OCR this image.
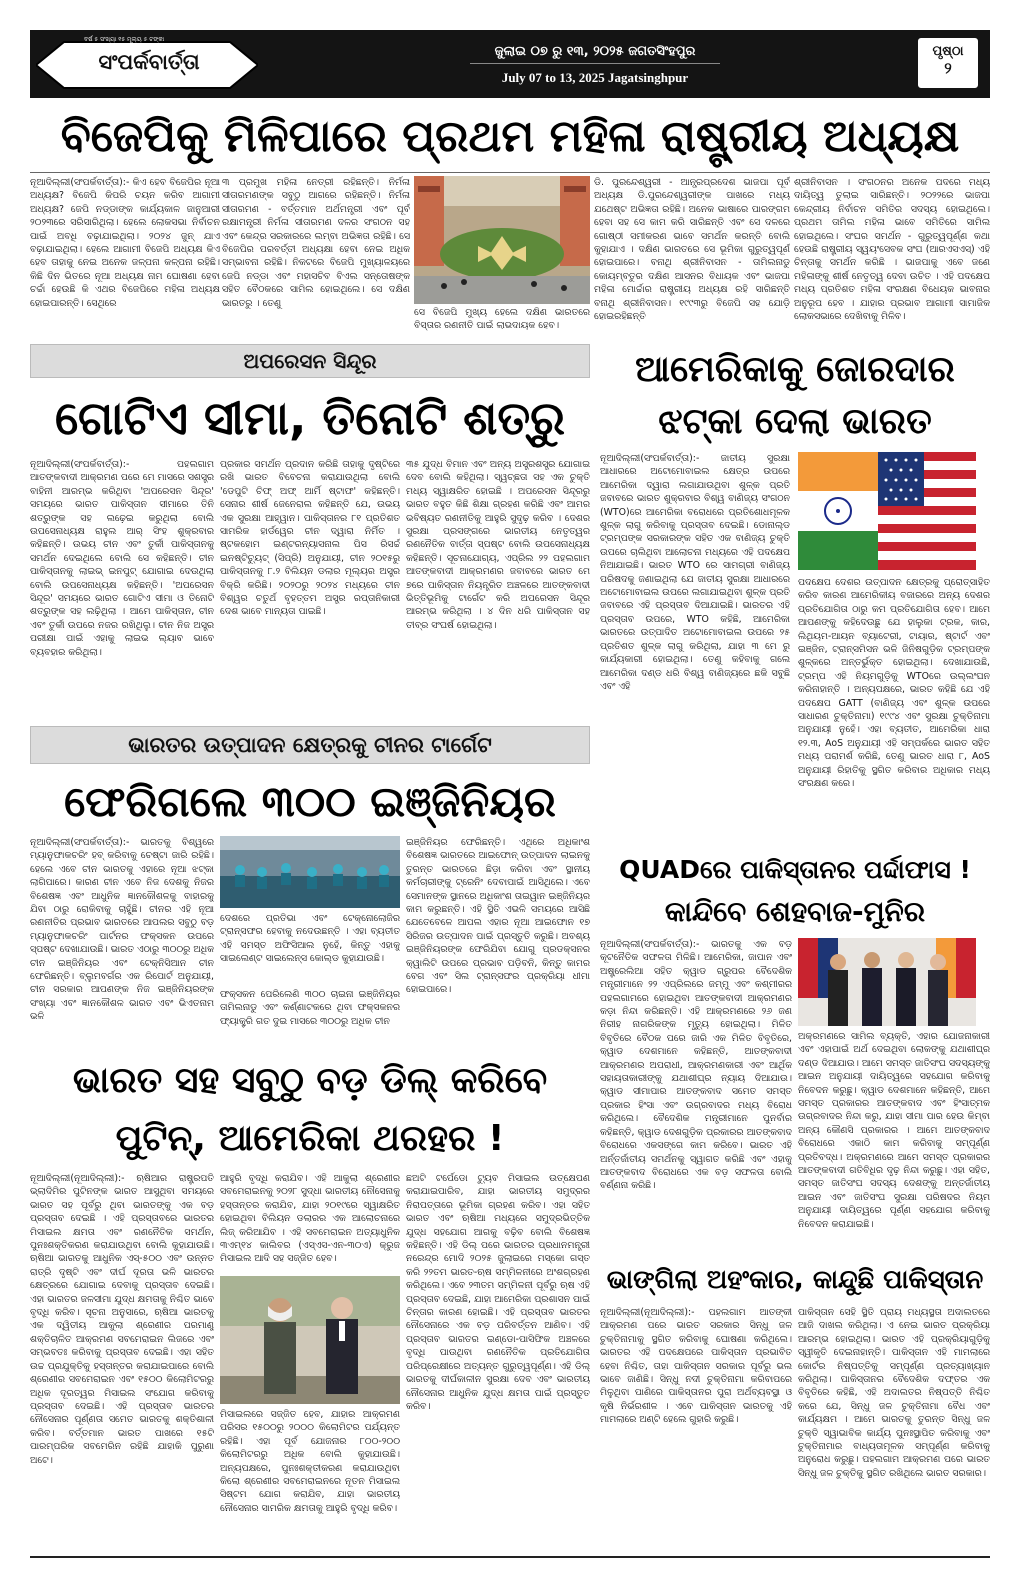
ବର୍ଷ ୫ ସଂଖ୍ୟା ୧୫ ମୂଲ୍ୟ ୫ ଟଙ୍କା
ସଂପର୍କବାର୍ତ୍ତା	ଜୁଲାଇ ୦୭ ରୁ ୧୩, ୨୦୨୫ ଜଗତସିଂହପୁର
July 07 to 13, 2025 Jagatsinghpur
ପୃଷ୍ଠା
୨
ବିଜେପିକୁ ମିଳିପାରେ ପ୍ରଥମ ମହିଳା ରାଷ୍ଟ୍ରୀୟ ଅଧ୍ୟକ୍ଷ
ନୂଆଦିଲ୍ଲୀ(ସଂପର୍କବାର୍ତ୍ତା):- କିଏ ହେବ ବିଜେପିର ନୂଆ ଅଧ୍ୟକ୍ଷ? ବିଜେପି କିପରି ଚୟନ କରିବ ଆଗାମୀ ଅଧ୍ୟକ୍ଷ? ଜେପି ନଡ୍ଡାଙ୍କ କାର୍ଯ୍ୟକାଳ ଜାନୁଆରୀ ୨୦୨୩ରେ ସରିସାରିଥିଲା। ହେଲେ ଲୋକସଭା ନିର୍ବାଚନ ପାଇଁ ଅବଧି ବଢ଼ାଯାଇଥିଲା। ୨୦୨୪ ଜୁନ୍ ଯାଏ ବଢ଼ାଯାଇଥିଲା। ହେଲେ ଆଗାମୀ ବିଜେପି ଅଧ୍ୟକ୍ଷ କିଏ ହେବ ତାହାକୁ ନେଇ ଅନେକ ଜଳ୍ପନା କଳ୍ପନା ରହିଛି। କିଛି ଦିନ ଭିତରେ ନୂଆ ଅଧ୍ୟକ୍ଷ ନାମ ଘୋଷଣା ହେବା ଚର୍ଚ୍ଚା ହେଉଛି କି ଏଥର ବିଜେପିରେ ମହିଳା ଅଧ୍ୟକ୍ଷ ହୋଇପାରନ୍ତି। ସେଥିରେ
୩ ପ୍ରମୁଖ ମହିଳା ନେତ୍ରୀ ରହିଛନ୍ତି। ନିର୍ମଳା ସୀତାରମଣଙ୍କ ସବୁଠୁ ଆଗରେ ରହିଛନ୍ତି। ନିର୍ମଳା ସୀତାରମଣ - ବର୍ତ୍ତମାନ ଅର୍ଥମନ୍ତ୍ରୀ ଏବଂ ପୂର୍ବ ରକ୍ଷାମନ୍ତ୍ରୀ ନିର୍ମଳା ସୀତାରମଣ ଦଳର ସଂଗଠନ ସହ ଏବଂ କେନ୍ଦ୍ର ସରକାରରେ ଲମ୍ବା ଅଭିଜ୍ଞତା ରହିଛି। ସେ ବିଜେପିର ପରବର୍ତ୍ତୀ ଅଧ୍ୟକ୍ଷା ହେବା ନେଇ ଅଧିକ ସମ୍ଭାବନା ରହିଛି। ନିକଟରେ ବିଜେପି ମୁଖ୍ୟାଳୟରେ ଜେପି ନଡ୍ଡା ଏବଂ ମହାସଚିବ ବିଏଲ ସନ୍ତୋଷଙ୍କ ସହିତ ବୈଠକରେ ସାମିଲ ହୋଇଥିଲେ। ସେ ଦକ୍ଷିଣ ଭାରତରୁ । ତେଣୁ
ସେ ବିଜେପି ମୁଖ୍ୟ ହେଲେ ଦକ୍ଷିଣ ଭାରତରେ ବିସ୍ତାର ରଣନୀତି ପାଇଁ ଲାଭଦାୟକ ହେବ।
ଡି. ପୁରନ୍ଦେଶ୍ୱରୀ - ଆନ୍ଧ୍ରପ୍ରଦେଶ ଭାଜପା ପୂର୍ବ ଅଧ୍ୟକ୍ଷ ଡି.ପୁରନ୍ଦେଶ୍ୱରୀଙ୍କ ପାଖରେ ମଧ୍ୟ ଯଥେଷ୍ଟ ଅଭିଜ୍ଞତା ରହିଛି। ଅନେକ ଭାଷାରେ ପାରଙ୍ଗମ ହେବା ସହ ସେ କାମ କରି ସାରିଛନ୍ତି ଏବଂ ସେ ଦଳରେ ଗୋଷ୍ଠୀ ସମୀକରଣ ଭାବେ ସମର୍ଥନ କରନ୍ତି ବୋଲି କୁହାଯାଏ । ଦକ୍ଷିଣ ଭାରତରେ ସେ ଭୂମିକା ଗୁରୁତ୍ୱପୂର୍ଣ ହୋଇପାରେ। ବନାଥି ଶ୍ରୀନିବାସନ - ତାମିଲନାଡୁ କୋୟମ୍ବତୁର ଦକ୍ଷିଣ ଆସନର ବିଧାୟକ ଏବଂ ଭାଜପା ମହିଳା ମୋର୍ଚ୍ଚାର ରାଷ୍ଟ୍ରୀୟ ଅଧ୍ୟକ୍ଷ ରହି ସାରିଛନ୍ତି ବନାଥି ଶ୍ରୀନିବାସନ। ୧୯୯୩ରୁ ବିଜେପି ସହ ଯୋଡ଼ି ହୋଇରହିଛନ୍ତି
ଶ୍ରୀନିବାସନ । ସଂଗଠନର ଅନେକ ପଦରେ ମଧ୍ୟ ଦାୟିତ୍ୱ ତୁଲାଇ ସାରିଛନ୍ତି। ୨୦୨୨ରେ ଭାଜପା କେନ୍ଦ୍ରୀୟ ନିର୍ବାଚନ ସମିତିର ସଦସ୍ୟ ହୋଇଥିଲେ। ପ୍ରଥମ ତାମିଲ ମହିଳା ଭାବେ ସମିତିରେ ସାମିଲ ହୋଇଥିଲେ। ସଂଘର ସମର୍ଥନ - ଗୁରୁତ୍ୱପୂର୍ଣ୍ଣ କଥା ହେଉଛି ରାଷ୍ଟ୍ରୀୟ ସ୍ୱୟଂସେବକ ସଂଘ (ଆରଏସଏସ୍) ଏହି ଚିନ୍ତାକୁ ସମର୍ଥନ କରିଛି । ଭାଜପାକୁ ଏବେ ଜଣେ ମହିଳାଙ୍କୁ ଶୀର୍ଷ ନେତୃତ୍ୱ ଦେବା ଉଚିତ । ଏହି ପଦକ୍ଷେପ ମଧ୍ୟ ପ୍ରତିଶତ ମହିଳା ସଂରକ୍ଷଣ ବିଧେୟକ ଭାବନାର ଅନୁରୂପ ହେବ । ଯାହାର ପ୍ରଭାବ ଆଗାମୀ ସାମାଜିକ ଲୋକସଭାରେ ଦେଖିବାକୁ ମିଳିବ।
ଅପରେସନ ସିନ୍ଦୂର
ଗୋଟିଏ ସୀମା, ତିନୋଟି ଶତ୍ରୁ
ନୂଆଦିଲ୍ଲୀ(ସଂପର୍କବାର୍ତ୍ତା):- ପହଲଗାମ ଆତଙ୍କବାଦୀ ଆକ୍ରମଣ ପରେ ମେ ମାସରେ ସଶସ୍ତ୍ର ବାହିନୀ ଆରମ୍ଭ କରିଥିବା 'ଅପରେସନ ସିନ୍ଦୂର' ସମୟରେ ଭାରତ ପାକିସ୍ତାନ ସୀମାରେ ତିନି ଶତ୍ରୁଙ୍କ ସହ ଲଢ଼େଇ କରୁଥିଲା ବୋଲି ଉପସେନାଧ୍ୟକ୍ଷ ରାହୁଲ ଆର୍ ସିଂହ ଶୁକ୍ରବାର କହିଛନ୍ତି। ଉଭୟ ଚୀନ ଏବଂ ତୁର୍କୀ ପାକିସ୍ତାନକୁ ସମର୍ଥନ ଦେଇଥିଲେ ବୋଲି ସେ କହିଛନ୍ତି। ଚୀନ ପାକିସ୍ତାନକୁ ଲାଇଭ୍ ଇନପୁଟ୍ ଯୋଗାଇ ଦେଉଥିଲା ବୋଲି ଉପସେନାଧ୍ୟକ୍ଷ କହିଛନ୍ତି। 'ଅପରେସନ ସିନ୍ଦୂର' ସମୟରେ ଭାରତ ଗୋଟିଏ ସୀମା ଓ ତିନୋଟି ଶତ୍ରୁଙ୍କ ସହ ଲଢ଼ିଥିଲା । ଆମେ ପାକିସ୍ତାନ, ଚୀନ ଏବଂ ତୁର୍କୀ ଉପରେ ନଜର ରଖିଥିଲୁ। ଚୀନ ନିଜ ଅସ୍ତ୍ର ପରୀକ୍ଷା ପାଇଁ ଏହାକୁ ଲାଇଭ ଲ୍ୟାବ ଭାବେ ବ୍ୟବହାର କରିଥିଲା।
ପ୍ରକାର ସମର୍ଥନ ପ୍ରଦାନ କରିଛି ତାହାକୁ ଦୃଷ୍ଟିରେ ରଖି ଭାରତ ବିବେଚନା କରାଯାଉଥିଲା ବୋଲି 'ଡେପୁଟି ଚିଫ୍ ଅଫ୍ ଆର୍ମି ଷ୍ଟାଫ' କହିଛନ୍ତି। ସେନାର ଶୀର୍ଷ ଜେନେରାଲ କହିଛନ୍ତି ଯେ, ଉଭୟ ଏକ ସୁରକ୍ଷା ଆହ୍ୱାନ। ପାକିସ୍ତାନର ୮୧ ପ୍ରତିଶତ ସାମରିକ ହାର୍ଡୱେର ଚୀନ ଦ୍ୱାରା ନିର୍ମିତ । ଷ୍ଟକହୋମ ଇଣ୍ଟରନ୍ୟାସନାଲ ପିସ ରିସର୍ଚ୍ଚ ଇନଷ୍ଟିଚ୍ୟୁଟ୍ (ସିପ୍ରି) ଅନୁଯାୟୀ, ଚୀନ ୨୦୧୫ରୁ ପାକିସ୍ତାନକୁ ୮.୨ ବିଲିୟନ ଡଲାର ମୂଲ୍ୟର ଅସ୍ତ୍ର ବିକ୍ରି କରିଛି। ୨୦୨୦ରୁ ୨୦୨୪ ମଧ୍ୟରେ ଚୀନ ବିଶ୍ୱର ଚତୁର୍ଥ ବୃହତ୍ତମ ଅସ୍ତ୍ର ରପ୍ତାନିକାରୀ ଦେଶ ଭାବେ ମାନ୍ୟତା ପାଇଛି।
୩୫ ଯୁଦ୍ଧ ବିମାନ ଏବଂ ଅନ୍ୟ ଅସ୍ତ୍ରଶସ୍ତ୍ର ଯୋଗାଇ ଦେବ ବୋଲି କହିଥିଲା। ସ୍ୱଚ୍ଛତା ସହ ଏକ ଚୁକ୍ତି ମଧ୍ୟ ସ୍ୱାକ୍ଷରିତ ହୋଇଛି । ଅପରେସନ ସିନ୍ଦୂରରୁ ଭାରତ ବହୁତ କିଛି ଶିକ୍ଷା ଗ୍ରହଣ କରିଛି ଏବଂ ଆମର ଭବିଷ୍ୟତ ରଣନୀତିକୁ ଆହୁରି ସୁଦୃଢ଼ କରିବ । ଦେଶର ସୁରକ୍ଷା ପ୍ରସଙ୍ଗରେ ଭାରତୀୟ ନେତୃତ୍ୱର ରଣନୈତିକ ବାର୍ତ୍ତା ସ୍ପଷ୍ଟ ବୋଲି ଉପସେନାଧ୍ୟକ୍ଷ କହିଛନ୍ତି। ସୂଚନାଯୋଗ୍ୟ, ଏପ୍ରିଲ ୨୨ ପହଲଗାମ ଆତଙ୍କବାଦୀ ଆକ୍ରମଣର ଜବାବରେ ଭାରତ ମେ ୭ରେ ପାକିସ୍ତାନ ନିୟନ୍ତ୍ରିତ ଅଞ୍ଚଳରେ ଆତଙ୍କବାଦୀ ଭିତ୍ତିଭୂମିକୁ ଟାର୍ଗେଟ କରି ଅପରେସନ ସିନ୍ଦୂର ଆରମ୍ଭ କରିଥିଲା । ୪ ଦିନ ଧରି ପାକିସ୍ତାନ ସହ ତୀବ୍ର ସଂଘର୍ଷ ହୋଇଥିଲା।
ଆମେରିକାକୁ ଜୋରଦାର
ଝଟ୍‌କା ଦେଲା ଭାରତ
ନୂଆଦିଲ୍ଲୀ(ସଂପର୍କବାର୍ତ୍ତା):- ଜାତୀୟ ସୁରକ୍ଷା ଆଧାରରେ ଅଟୋମୋବାଇଲ କ୍ଷେତ୍ର ଉପରେ ଆମେରିକା ଦ୍ୱାରା ଲଗାଯାଉଥିବା ଶୁଳ୍କ ପ୍ରତି ଜବାବରେ ଭାରତ ଶୁକ୍ରବାର ବିଶ୍ୱ ବାଣିଜ୍ୟ ସଂଗଠନ (WTO)ରେ ଆମେରିକା ବରୋଧରେ ପ୍ରତିଶୋଧମୂଳକ ଶୁଳ୍କ ଲାଗୁ କରିବାକୁ ପ୍ରସ୍ତାବ ଦେଇଛି। ଡୋନାଲ୍ଡ ଟ୍ରମ୍ପଙ୍କ ସରକାରଙ୍କ ସହିତ ଏକ ବାଣିଜ୍ୟ ଚୁକ୍ତି ଉପରେ ଚାଲିଥିବା ଆଲୋଚନା ମଧ୍ୟରେ ଏହି ପଦକ୍ଷେପ ନିଆଯାଇଛି। ଭାରତ WTO ରେ ସାମଗ୍ରୀ ବାଣିଜ୍ୟ ପରିଷଦକୁ ଜଣାଇଥିଲା ଯେ ଜାତୀୟ ସୁରକ୍ଷା ଆଧାରରେ ଅଟୋମୋବାଇଲ ଉପରେ ଲଗାଯାଇଥିବା ଶୁଳ୍କ ପ୍ରତି ଜବାବରେ ଏହି ପ୍ରସ୍ତାବ ଦିଆଯାଇଛି। ଭାରତର ଏହି ପ୍ରସ୍ତାବ ଉପରେ, WTO କହିଛି, ଆମେରିକା ଭାରତରେ ଉତ୍ପାଦିତ ଅଟୋମୋବାଇଲ ଉପରେ ୨୫ ପ୍ରତିଶତ ଶୁଳ୍କ ଲାଗୁ କରିଥିଲା, ଯାହା ୩ ମେ ରୁ କାର୍ଯ୍ୟକାରୀ ହୋଇଥିଲା। ତେଣୁ କହିବାକୁ ଗଲେ ଆମେରିକା ଦଣ୍ଡ ଧରି ବିଶ୍ୱ ବାଣିଜ୍ୟରେ ଛକି ସବୁଛି ଏବଂ ଏହି
ପଦକ୍ଷେପ ଦେଶର ଉତ୍ପାଦନ କ୍ଷେତ୍ରକୁ ପ୍ରୋତ୍ସାହିତ କରିବ କାରଣ ଆମେରିକୀୟ ବଜାରରେ ଅନ୍ୟ ଦେଶର ପ୍ରତିଯୋଗିତା ଠାରୁ କମ ପ୍ରତିଯୋଗିତା ହେବ। ଆମେ ଆପଣଙ୍କୁ କହିଦେଉଛୁ ଯେ ହାଲୁକା ଟ୍ରକ, କାର, ଲିଥିୟମ-ଆୟନ ବ୍ୟାଟେରୀ, ଟାୟାର, ଷ୍ଟାର୍ଟ ଏବଂ ଇଞ୍ଜିନ, ଟ୍ରାନ୍ସମିସନ ଭଳି ଜିନିଷଗୁଡ଼ିକ ଟ୍ରମ୍ପଙ୍କ ଶୁଳ୍କରେ ଅନ୍ତର୍ଭୁକ୍ତ ହୋଇଥିଲା। ଦେଖାଯାଉଛି, ଟ୍ରମ୍ପ ଏହି ନିୟମଗୁଡ଼ିକୁ WTOରେ ଉଲ୍ଲଂଘନ କରିନାହାନ୍ତି । ଅନ୍ୟପକ୍ଷରେ, ଭାରତ କହିଛି ଯେ ଏହି ପଦକ୍ଷେପ GATT (ବାଣିଜ୍ୟ ଏବଂ ଶୁଳ୍କ ଉପରେ ସାଧାରଣ ଚୁକ୍ତିନାମା) ୧୯୯୪ ଏବଂ ସୁରକ୍ଷା ଚୁକ୍ତିନାମା ଅନୁଯାୟୀ ନୁହେଁ। ଏହା ବ୍ୟତୀତ, ଆମେରିକା ଧାରା ୧୨.୩, AoS ଅନୁଯାୟୀ ଏହି ସମ୍ପର୍କରେ ଭାରତ ସହିତ ମଧ୍ୟ ପରାମର୍ଶ କରିଛି, ତେଣୁ ଭାରତ ଧାରା ୮, AoS ଅନୁଯାୟୀ ରିହାତିକୁ ସ୍ଥଗିତ କରିବାର ଅଧିକାର ମଧ୍ୟ ସଂରକ୍ଷଣ କରେ।
ଭାରତର ଉତ୍ପାଦନ କ୍ଷେତ୍ରକୁ ଚୀନର ଟାର୍ଗେଟ
ଫେରିଗଲେ ୩୦୦ ଇଞ୍ଜିନିୟର
ନୂଆଦିଲ୍ଲୀ(ସଂପର୍କବାର୍ତ୍ତା):- ଭାରତକୁ ବିଶ୍ୱରେ ମ୍ୟାନୁଫାକଚରିଂ ହବ୍ କରିବାକୁ ଚେଷ୍ଟା ଜାରି ରହିଛି। ହେଲେ ଏବେ ଚୀନ ଭାରତକୁ ଏହାରେ ନୂଆ ଝଟ୍‌କା ଲାଗିପାରେ। କାରଣ ଚୀନ ଏବେ ନିଜ ଦେଶକୁ ନିଜର ବିଶେଷଜ୍ଞ ଏବଂ ଆଧୁନିକ ଜ୍ଞାନକୌଶଳକୁ ବାହାରକୁ ଯିବା ଠାରୁ ରୋକିବାକୁ ଚାହୁଁଛି। ଚୀନର ଏହି ନୂଆ ରଣନୀତିର ପ୍ରଭାବ ଭାରତରେ ଆପଲର ସବୁଠୁ ବଡ଼ ମ୍ୟାନୁଫାକଚରିଂ ପାର୍ଟନର ଫକ୍ସକନ ଉପରେ ସ୍ପଷ୍ଟ ଦେଖାଯାଉଛି। ଭାରତ ଏଠାରୁ ୩୦୦ରୁ ଅଧିକ ଚୀନ ଇଞ୍ଜିନିୟର ଏବଂ ଟେକ୍ନିସିଆନ ଚୀନ ଫେରିଛନ୍ତି। ବ୍ଲୁମବର୍ଗର ଏକ ରିପୋର୍ଟ ଅନୁଯାୟୀ, ଚୀନ ସରକାର ଆପଣଙ୍କ ନିଜ ଇଞ୍ଜିନିୟରଙ୍କ ସଂଖ୍ୟା ଏବଂ ଜ୍ଞାନକୌଶଳ ଭାରତ ଏବଂ ଭିଏତନାମ ଭଳି
ଦେଶରେ ପ୍ରତିଭା ଏବଂ ଟେକ୍ନୋଲୋଜିର ଟ୍ରାନ୍ସଫର ହେବାକୁ ନଦେଉଛନ୍ତି । ଏହା ବ୍ୟତୀତ ଏହି ସମସ୍ତ ଅଫିସିଆଲ ନୁହେଁ, କିନ୍ତୁ ଏହାକୁ ସାଇଲେଣ୍ଟ ସାଇଲେନ୍ସ କୋଲ୍ଡ କୁହାଯାଉଛି।
ଫକ୍ସକନ ପେରିଲେଣି ୩୦୦ ଚାଇନା ଇଞ୍ଜିନିୟର ତାମିଲନାଡୁ ଏବଂ କର୍ଣ୍ଣାଟକରେ ଥିବା ଫକ୍ସକନର ଫ୍ୟାକ୍ଟ୍ରି ଗତ ଦୁଇ ମାସରେ ୩୦୦ରୁ ଅଧିକ ଚୀନ
ଇଞ୍ଜିନିୟର ଫେରିଛନ୍ତି। ଏଥିରେ ଅଧିକାଂଶ ବିଶେଷଜ୍ଞ ଭାରତରେ ଆଇଫୋନ୍ ଉତ୍ପାଦନ ଲାଇନକୁ ତୁରନ୍ତ ଭାରତରେ ଛିଡ଼ା କରିବା ଏବଂ ସ୍ଥାନୀୟ କର୍ମଚାରୀଙ୍କୁ ଟ୍ରେନିଂ ଦେବାପାଇଁ ଆସିଥିଲେ। ଏବେ ସେମାନଙ୍କ ସ୍ଥାନରେ ଅଧିକାଂଶ ତାଇୱାନ ଇଞ୍ଜିନିୟର କାମ କରୁଛନ୍ତି। ଏହି ସ୍ଥିତି ଏଭଳି ସମୟରେ ଆସିଛି ଯେତେବେଳେ ଆପଲ ଏହାର ନୂଆ ଆଇଫୋନ ୧୭ ସିରିଜର ଉତ୍ପାଦନ ପାଇଁ ପ୍ରସ୍ତୁତି କରୁଛି। ଅବଶ୍ୟ ଇଞ୍ଜିନିୟରଙ୍କ ଫେରିଯିବା ଯୋଗୁ ପ୍ରଡକ୍ସନର କ୍ୱାଲିଟି ଉପରେ ପ୍ରଭାବ ପଡ଼ିବନି, କିନ୍ତୁ କାମର ବେଗ ଏବଂ ସିଲ ଟ୍ରାନ୍ସଫର ପ୍ରକ୍ରିୟା ଧୀମା ହୋଇପାରେ।
QUADରେ ପାକିସ୍ତାନର ପର୍ଦ୍ଦାଫାସ !
କାନ୍ଦିବେ ଶେହବାଜ-ମୁନିର
ନୂଆଦିଲ୍ଲୀ(ସଂପର୍କବାର୍ତ୍ତା):- ଭାରତକୁ ଏକ ବଡ଼ କୂଟନୈତିକ ସଫଳତା ମିଳିଛି। ଆମେରିକା, ଜାପାନ ଏବଂ ଅଷ୍ଟ୍ରେଲିଆ ସହିତ କ୍ୱାଡ ଗ୍ରୁପର ବୈଦେଶିକ ମନ୍ତ୍ରୀମାନେ ୨୨ ଏପ୍ରିଲରେ ଜମ୍ମୁ ଏବଂ କଶ୍ମୀରର ପହଲଗାମରେ ହୋଇଥିବା ଆତଙ୍କବାଦୀ ଆକ୍ରମଣର କଡ଼ା ନିନ୍ଦା କରିଛନ୍ତି। ଏହି ଆକ୍ରମଣରେ ୨୬ ଜଣ ନିରୀହ ନାଗରିକଙ୍କ ମୃତ୍ୟୁ ହୋଇଥିଲା। ମିଳିତ ବିବୃତିରେ ବୈଠକ ପରେ ଜାରି ଏକ ମିଳିତ ବିବୃତିରେ, କ୍ୱାଡ ଦେଶମାନେ କହିଛନ୍ତି, ଆତଙ୍କବାଦୀ ଆକ୍ରମଣର ଅପରାଧୀ, ଆକ୍ରମଣକାରୀ ଏବଂ ଆର୍ଥିକ ସହାୟତାକାରୀଙ୍କୁ ଯଥାଶୀଘ୍ର ନ୍ୟାୟ ଦିଆଯାଉ। କ୍ୱାଡ ସୀମାପାର ଆତଙ୍କବାଦ ସମେତ ସମସ୍ତ ପ୍ରକାର ହିଂସା ଏବଂ ଉଗ୍ରବାଦର ମଧ୍ୟ ବିରୋଧ କରିଥିଲେ। ବୈଦେଶିକ ମନ୍ତ୍ରୀମାନେ ପୁନର୍ବାର କହିଛନ୍ତି, କ୍ୱାଡ ଦେଶଗୁଡ଼ିକ ପ୍ରକାରର ଆତଙ୍କବାଦ ବିରୋଧରେ ଏକସଙ୍ଗେ କାମ କରିବେ। ଭାରତ ଏହି ଅର୍ନ୍ତର୍ଜାତୀୟ ସମର୍ଥନକୁ ସ୍ୱାଗତ କରିଛି ଏବଂ ଏହାକୁ ଆତଙ୍କବାଦ ବିରୋଧରେ ଏକ ବଡ଼ ସଫଳତା ବୋଲି ବର୍ଣ୍ଣନା କରିଛି।
ଅକ୍ରମଣରେ ସାମିଲ ବ୍ୟକ୍ତି, ଏହାର ଯୋଜନାକାରୀ ଏବଂ ଏହାପାଇଁ ଅର୍ଥ ଦେଇଥିବା ଲୋକଙ୍କୁ ଯଥାଶୀଘ୍ର ଦଣ୍ଡ ଦିଆଯାଉ। ଆମେ ସମସ୍ତ ଜାତିସଂଘ ସଦସ୍ୟଙ୍କୁ ଆଇନ ଅନୁଯାୟୀ ଦାୟିତ୍ୱରେ ସହଯୋଗ କରିବାକୁ ନିବେଦନ କରୁଛୁ। କ୍ୱାଡ ଦେଶମାନେ କହିଛନ୍ତି, ଆମେ ସମସ୍ତ ପ୍ରକାରର ଆତଙ୍କବାଦ ଏବଂ ହିଂସାତ୍ମକ ଉଗ୍ରବାଦର ନିନ୍ଦା କରୁ, ଯାହା ସୀମା ପାର ହେଉ କିମ୍ବା ଅନ୍ୟ କୌଣସି ପ୍ରକାରର । ଆମେ ଆତଙ୍କବାଦ ବିରୋଧରେ ଏକାଠି କାମ କରିବାକୁ ସମ୍ପୂର୍ଣ୍ଣ ପ୍ରତିବଦ୍ଧ। ଅକ୍ରମଣରେ ଆମେ ସମସ୍ତ ପ୍ରକାରର ଆତଙ୍କବାଦୀ ଗତିବିଧିର ଦୃଢ଼ ନିନ୍ଦା କରୁଛୁ। ଏହା ସହିତ, ସମସ୍ତ ଜାତିସଂଘ ସଦସ୍ୟ ଦେଶଙ୍କୁ ଅନ୍ତର୍ଜାତୀୟ ଆଇନ ଏବଂ ଜାତିସଂଘ ସୁରକ୍ଷା ପରିଷଦର ନିୟମ ଅନୁଯାୟୀ ଦାୟିତ୍ୱରେ ପୂର୍ଣ୍ଣ ସହଯୋଗ କରିବାକୁ ନିବେଦନ କରାଯାଇଛି।
ଭାରତ ସହ ସବୁଠୁ ବଡ଼ ଡିଲ୍ କରିବେ
ପୁଟିନ୍, ଆମେରିକା ଥରହର !
ନୂଆଦିଲ୍ଲୀ(ନୂଆଦିଲ୍ଲୀ):- ଋଷିଆର ରାଷ୍ଟ୍ରପତି ଭ୍ଲାଦିମିର ପୁଟିନଙ୍କ ଭାରତ ଆସୁଥିବା ସମୟରେ ଭାରତ ସହ ପୂର୍ବରୁ ଥିବା ଭାରତଙ୍କୁ ଏକ ବଡ଼ ପ୍ରସ୍ତାବ ଦେଇଛି । ଏହି ପ୍ରସ୍ତାବରେ ଭାରତର ମିସାଇଲ କ୍ଷମତା ଏବଂ ରଣନୈତିକ ସମର୍ଥନ, ପୁନଃଶକ୍ତିକରଣ କରାଯାଉଥିବା ବୋଲି କୁହାଯାଉଛି। ଋଷିଆ ଭାରତକୁ ଆଧୁନିକ ଏସ୍-୫୦୦ ଏବଂ ଉନ୍ନତ ରାତ୍ରି ଦୃଷ୍ଟି ଏବଂ ଦୀର୍ଘ ଦୂରତା ଭଳି ଭାରତର କ୍ଷେତ୍ରରେ ଯୋଗାଇ ଦେବାକୁ ପ୍ରସ୍ତାବ ଦେଇଛି। ଏହା ଭାରତର ଜଳସୀମା ଯୁଦ୍ଧ କ୍ଷମତାକୁ ନିଶ୍ଚିତ ଭାବେ ବୃଦ୍ଧି କରିବ। ସୂଚନା ଅନୁସାରେ, ଋଷିଆ ଭାରତକୁ ଏକ ଦ୍ୱିତୀୟ ଆକୁଲା ଶ୍ରେଣୀର ପରମାଣୁ ଶକ୍ତିଚାଳିତ ଆକ୍ରମଣ ସବମେରାଇନ ଲିଜରେ ଏବଂ ସମ୍ଭବତଃ କରିବାକୁ ପ୍ରସ୍ତାବ ଦେଇଛି। ଏହା ସହିତ ଉଚ୍ଚ ପ୍ରଯୁକ୍ତିକୁ ହସ୍ତାନ୍ତର କରାଯାଇପାରେ ବୋଲି ଶ୍ରେଣୀର ସବମେରାଇନ ଏବଂ ୧୫୦୦ କିଲୋମିଟରରୁ ଅଧିକ ଦୂରତ୍ୱର ମିସାଇଲ ସଂଯୋଗ କରିବାକୁ ପ୍ରସ୍ତାବ ଦେଇଛି। ଏହି ପ୍ରସ୍ତାବ ଭାରତର ନୌସେନାର ପୂର୍ଣ୍ଣତା ସମେତ ଭାରତକୁ ଶକ୍ତିଶାଳୀ କରିବ। ବର୍ତ୍ତମାନ ଭାରତ ପାଖରେ ୧୫ଟି ପାରମ୍ପରିକ ସବମେରିନ ରହିଛି ଯାହାକି ପୁରୁଣା ଅଟେ।
ଆହୁରି ବୃଦ୍ଧି କରାଯିବ। ଏହି ଆକୁଲା ଶ୍ରେଣୀର ସବମେରାଇନକୁ ୨୦୨୮ ସୁଦ୍ଧା ଭାରତୀୟ ନୌସେନାକୁ ହସ୍ତାନ୍ତର କରାଯିବ, ଯାହା ୨୦୧୯ରେ ସ୍ୱାକ୍ଷରିତ ହୋଇଥିବା ବିଲିୟନ ଡଲାରର ଏକ ଆଲୋଚନାରେ ଲିଜ୍ କରିଆଯିବ । ଏହି ସବମେରାଇନ ଅତ୍ୟାଧୁନିକ ୩ଏମ୍୧୪ କାଲିବର (ଏସ୍ଏସ-ଏନ-୩୦ଏ) କ୍ରୁଜ ମିସାଇଲ ଆଦି ସହ ସଜ୍ଜିତ ହେବ।
ମିସାଇଲରେ ସଜ୍ଜିତ ହେବ, ଯାହାର ଆକ୍ରମଣ ପରିସର ୧୫୦୦ରୁ ୨୦୦୦ କିଲୋମିଟର ପର୍ଯ୍ୟନ୍ତ ରହିଛି। ଏହା ପୂର୍ବ ଯୋଜନାର ୮୦୦-୨୦୦ କିଲୋମିଟରରୁ ଅଧିକ ବୋଲି କୁହାଯାଉଛି। ଅନ୍ୟପକ୍ଷରେ, ପୁନଃଶକ୍ତୀକରଣ କରାଯାଉଥିବା କିଲୋ ଶ୍ରେଣୀର ସବମେରାଇନରେ ନୂତନ ମିସାଇଲ ସିଷ୍ଟମ ଯୋଗ କରାଯିବ, ଯାହା ଭାରତୀୟ ନୌସେନାର ସାମରିକ କ୍ଷମତାକୁ ଆହୁରି ବୃଦ୍ଧି କରିବ।
ଛଅଟି ଟର୍ପେଡୋ ଟ୍ୟୁବ ମିସାଇଲ ଉତ୍କ୍ଷେପଣ କରାଯାଇପାରିବ, ଯାହା ଭାରତୀୟ ସମୁଦ୍ରର ନିରାପତ୍ତାରେ ଭୂମିକା ଗ୍ରହଣ କରିବ। ଏହା ସହିତ ଭାରତ ଏବଂ ଋଷିଆ ମଧ୍ୟରେ ସମୁଦ୍ରଭିତ୍ତିକ ଯୁଦ୍ଧ ସହଯୋଗ ଆଗକୁ ବଢ଼ିବ ବୋଲି ବିଶେଷଜ୍ଞ କହିଛନ୍ତି। ଏହି ଡିଲ୍ ପରେ ଭାରତର ପ୍ରଧାନମନ୍ତ୍ରୀ ନରେନ୍ଦ୍ର ମୋଦି ୨୦୨୫ ଜୁଲାଇରେ ମସ୍କୋ ଗସ୍ତ କରି ୨୨ତମ ଭାରତ-ଋଷ ସମ୍ମିଳନୀରେ ଅଂଶଗ୍ରହଣ କରିଥିଲେ। ଏବେ ୨୩ତମ ସମ୍ମିଳନୀ ପୂର୍ବରୁ ଋଷ ଏହି ପ୍ରସ୍ତାବ ଦେଇଛି, ଯାହା ଆମେରିକା ପ୍ରଶାସନ ପାଇଁ ଚିନ୍ତାର କାରଣ ହୋଇଛି। ଏହି ପ୍ରସ୍ତାବ ଭାରତର ନୌସେନାରେ ଏକ ବଡ଼ ପରିବର୍ତ୍ତନ ଆଣିବ। ଏହି ପ୍ରସ୍ତାବ ଭାରତର ଇଣ୍ଡୋ-ପାସିଫିକ ଅଞ୍ଚଳରେ ବୃଦ୍ଧି ପାଉଥିବା ରଣନୈତିକ ପ୍ରତିଯୋଗିତା ପରିପ୍ରେକ୍ଷୀରେ ଅତ୍ୟନ୍ତ ଗୁରୁତ୍ୱପୂର୍ଣ୍ଣ। ଏହି ଡିଲ୍ ଭାରତକୁ ଦୀର୍ଘକାଳୀନ ସୁରକ୍ଷା ଦେବ ଏବଂ ଭାରତୀୟ ନୌସେନାର ଆଧୁନିକ ଯୁଦ୍ଧ କ୍ଷମତା ପାଇଁ ପ୍ରସ୍ତୁତ କରିବ।
ଭାଙ୍ଗିଲା ଅହଂକାର, କାନ୍ଦୁଛି ପାକିସ୍ତାନ
ନୂଆଦିଲ୍ଲୀ(ନୂଆଦିଲ୍ଲୀ):- ପହଲଗାମ ଆତଙ୍କୀ ଆକ୍ରମଣ ପରେ ଭାରତ ସରକାର ସିନ୍ଧୁ ଜଳ ଚୁକ୍ତିନାମାକୁ ସ୍ଥଗିତ କରିବାକୁ ଘୋଷଣା କରିଥିଲେ। ଭାରତର ଏହି ପଦକ୍ଷେପରେ ପାକିସ୍ତାନ ପ୍ରଭାବିତ ହେବା ନିଶ୍ଚିତ, ତାହା ପାକିସ୍ତାନ ସରକାର ପୂର୍ବରୁ ଭଲ ଭାବେ ଜାଣିଛି। ସିନ୍ଧୁ ନଦୀ ଚୁକ୍ତିନାମା କରିବାପରେ ମିଳୁଥିବା ପାଣିରେ ପାକିସ୍ତାନର ପୁରା ଅର୍ଥବ୍ୟବସ୍ଥା ଓ କୃଷି ନିର୍ଭରଶୀଳ । ଏବେ ପାକିସ୍ତାନ ଭାରତକୁ ଏହି ମାମଲାରେ ଅଣ୍ଟି ହେଲେ ଗୁହାରି କରୁଛି।
ପାକିସ୍ତାନ ସେହି ସ୍ଥିତି ପ୍ରାୟ ମଧ୍ୟସ୍ଥତା ଅଦାଲତରେ ଆଜି ଦାଖଲ କରିଥିଲା। ଏ ନେଇ ଭାରତ ପ୍ରକ୍ରିୟା ଆରମ୍ଭ ହୋଇଥିଲା। ଭାରତ ଏହି ପ୍ରକ୍ରିୟାଗୁଡ଼ିକୁ ସ୍ୱୀକୃତି ଦେଇନାହାନ୍ତି। ପାକିସ୍ତାନ ଏହି ମାମଲାରେ କୋର୍ଟର ନିଷ୍ପତ୍ତିକୁ ସମ୍ପୂର୍ଣ୍ଣ ପ୍ରତ୍ୟାଖ୍ୟାନ କରିଥିଲା। ପାକିସ୍ତାନର ବୈଦେଶିକ ଦଫ୍ତର ଏକ ବିବୃତିରେ କହିଛି, ଏହି ଅଦାଲତର ନିଷ୍ପତ୍ତି ନିଶ୍ଚିତ କରେ ଯେ, ସିନ୍ଧୁ ଜଳ ଚୁକ୍ତିନାମା ବୈଧ ଏବଂ କାର୍ଯ୍ୟକ୍ଷମ । ଆମେ ଭାରତକୁ ତୁରନ୍ତ ସିନ୍ଧୁ ଜଳ ଚୁକ୍ତି ସ୍ୱାଭାବିକ କାର୍ଯ୍ୟ ପୁନଃସ୍ଥାପିତ କରିବାକୁ ଏବଂ ଚୁକ୍ତିନାମାର ବାଧ୍ୟତାମୂଳକ ସମ୍ପୂର୍ଣ୍ଣ କରିବାକୁ ଅନୁରୋଧ କରୁଛୁ। ପହଲଗାମ ଆକ୍ରମଣ ପରେ ଭାରତ ସିନ୍ଧୁ ଜଳ ଚୁକ୍ତିକୁ ସ୍ଥଗିତ ରଖିଥିଲେ ଭାରତ ସରକାର।
